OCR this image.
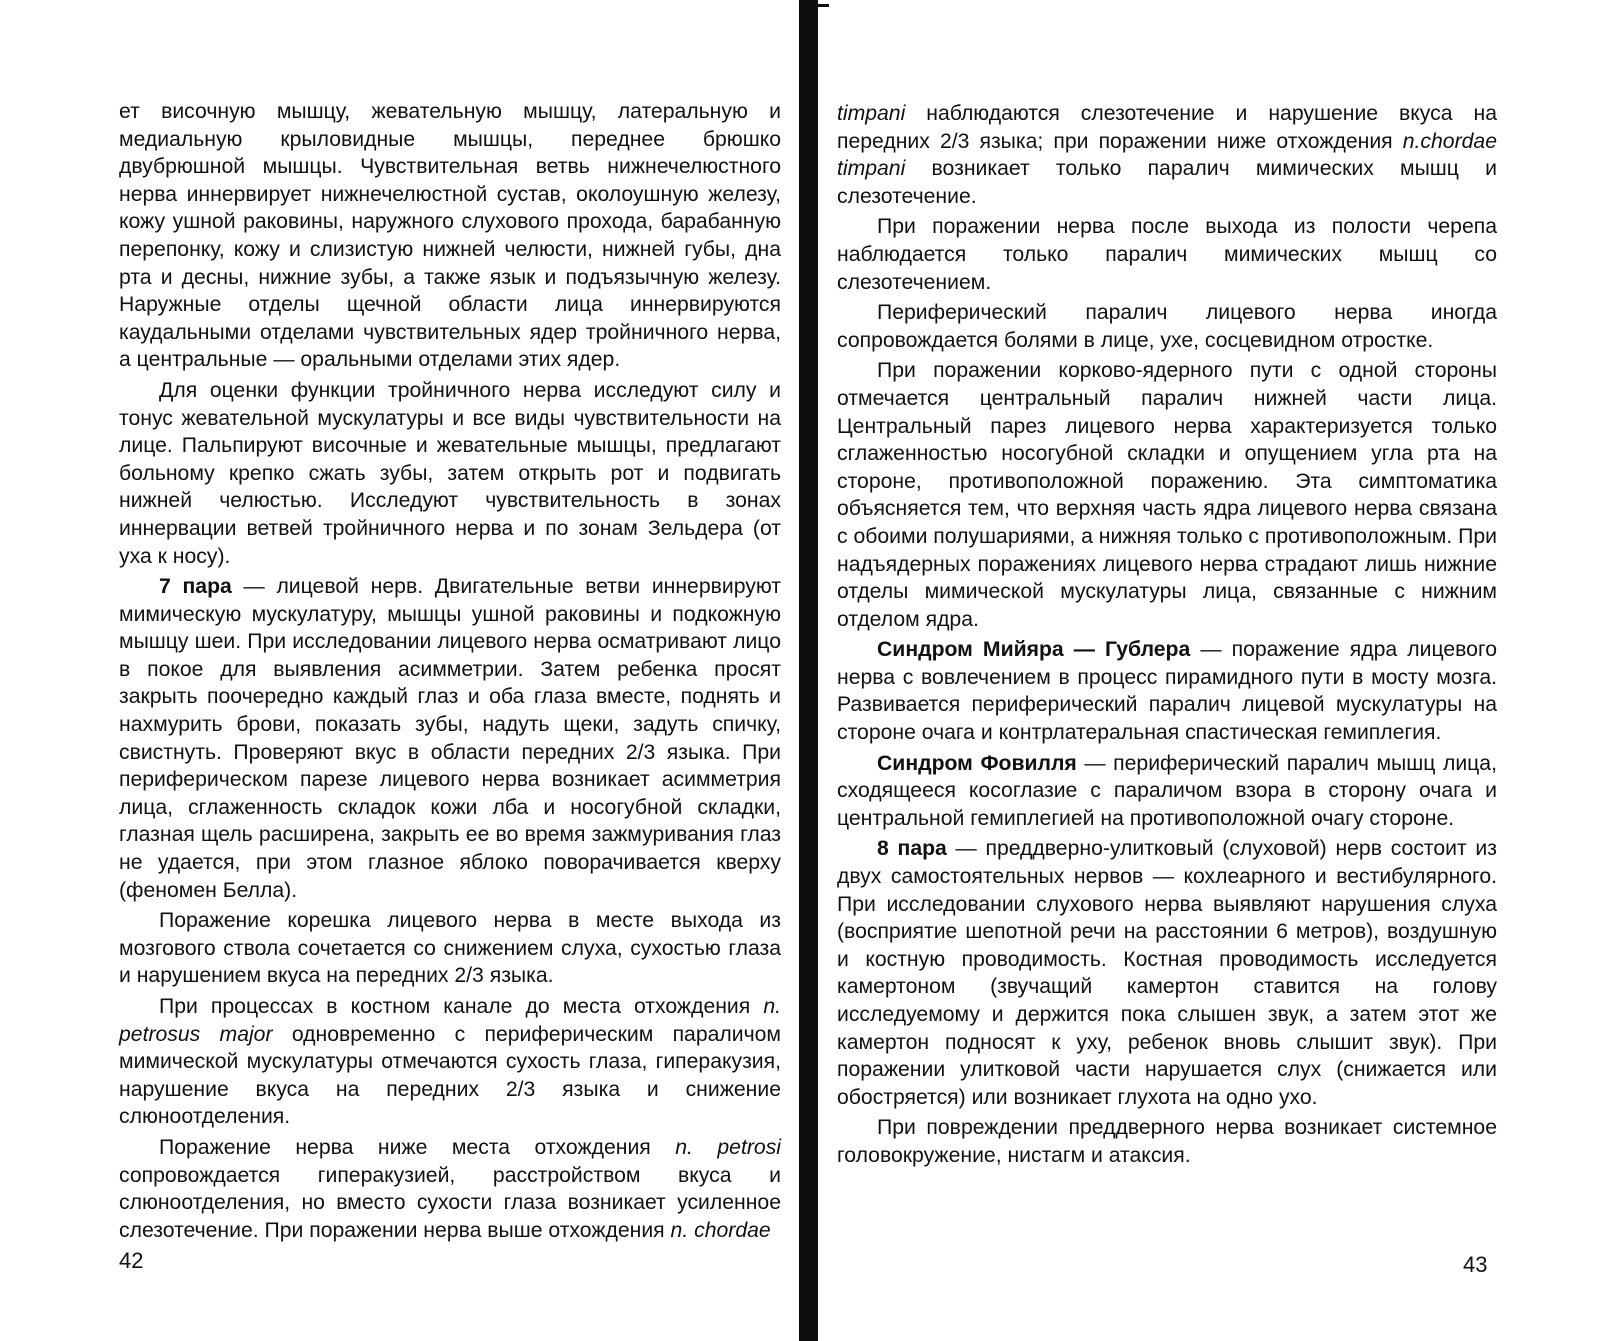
ет височную мышцу, жевательную мышцу, латеральную и медиальную крыловидные мышцы, переднее брюшко двубрюшной мышцы. Чувствительная ветвь нижнечелюстного нерва иннервирует нижнечелюстной сустав, околоушную железу, кожу ушной раковины, наружного слухового прохода, барабанную перепонку, кожу и слизистую нижней челюсти, нижней губы, дна рта и десны, нижние зубы, а также язык и подъязычную железу. Наружные отделы щечной области лица иннервируются каудальными отделами чувствительных ядер тройничного нерва, а центральные — оральными отделами этих ядер.

Для оценки функции тройничного нерва исследуют силу и тонус жевательной мускулатуры и все виды чувствительности на лице. Пальпируют височные и жевательные мышцы, предлагают больному крепко сжать зубы, затем открыть рот и подвигать нижней челюстью. Исследуют чувствительность в зонах иннервации ветвей тройничного нерва и по зонам Зельдера (от уха к носу).

7 пара — лицевой нерв. Двигательные ветви иннервируют мимическую мускулатуру, мышцы ушной раковины и подкожную мышцу шеи. При исследовании лицевого нерва осматривают лицо в покое для выявления асимметрии. Затем ребенка просят закрыть поочередно каждый глаз и оба глаза вместе, поднять и нахмурить брови, показать зубы, надуть щеки, задуть спичку, свистнуть. Проверяют вкус в области передних 2/3 языка. При периферическом парезе лицевого нерва возникает асимметрия лица, сглаженность складок кожи лба и носогубной складки, глазная щель расширена, закрыть ее во время зажмуривания глаз не удается, при этом глазное яблоко поворачивается кверху (феномен Белла).

Поражение корешка лицевого нерва в месте выхода из мозгового ствола сочетается со снижением слуха, сухостью глаза и нарушением вкуса на передних 2/3 языка.

При процессах в костном канале до места отхождения n. petrosus major одновременно с периферическим параличом мимической мускулатуры отмечаются сухость глаза, гиперакузия, нарушение вкуса на передних 2/3 языка и снижение слюноотделения.

Поражение нерва ниже места отхождения n. petrosi сопровождается гиперакузией, расстройством вкуса и слюноотделения, но вместо сухости глаза возникает усиленное слезотечение. При поражении нерва выше отхождения n. chordae

timpani наблюдаются слезотечение и нарушение вкуса на передних 2/3 языка; при поражении ниже отхождения n.chordae timpani возникает только паралич мимических мышц и слезотечение.

При поражении нерва после выхода из полости черепа наблюдается только паралич мимических мышц со слезотечением.

Периферический паралич лицевого нерва иногда сопровождается болями в лице, ухе, сосцевидном отростке.

При поражении корково-ядерного пути с одной стороны отмечается центральный паралич нижней части лица. Центральный парез лицевого нерва характеризуется только сглаженностью носогубной складки и опущением угла рта на стороне, противоположной поражению. Эта симптоматика объясняется тем, что верхняя часть ядра лицевого нерва связана с обоими полушариями, а нижняя только с противоположным. При надъядерных поражениях лицевого нерва страдают лишь нижние отделы мимической мускулатуры лица, связанные с нижним отделом ядра.

Синдром Мийяра — Гублера — поражение ядра лицевого нерва с вовлечением в процесс пирамидного пути в мосту мозга. Развивается периферический паралич лицевой мускулатуры на стороне очага и контрлатеральная спастическая гемиплегия.

Синдром Фовилля — периферический паралич мышц лица, сходящееся косоглазие с параличом взора в сторону очага и центральной гемиплегией на противоположной очагу стороне.

8 пара — преддверно-улитковый (слуховой) нерв состоит из двух самостоятельных нервов — кохлеарного и вестибулярного. При исследовании слухового нерва выявляют нарушения слуха (восприятие шепотной речи на расстоянии 6 метров), воздушную и костную проводимость. Костная проводимость исследуется камертоном (звучащий камертон ставится на голову исследуемому и держится пока слышен звук, а затем этот же камертон подносят к уху, ребенок вновь слышит звук). При поражении улитковой части нарушается слух (снижается или обостряется) или возникает глухота на одно ухо.

При повреждении преддверного нерва возникает системное головокружение, нистагм и атаксия.

42	43
